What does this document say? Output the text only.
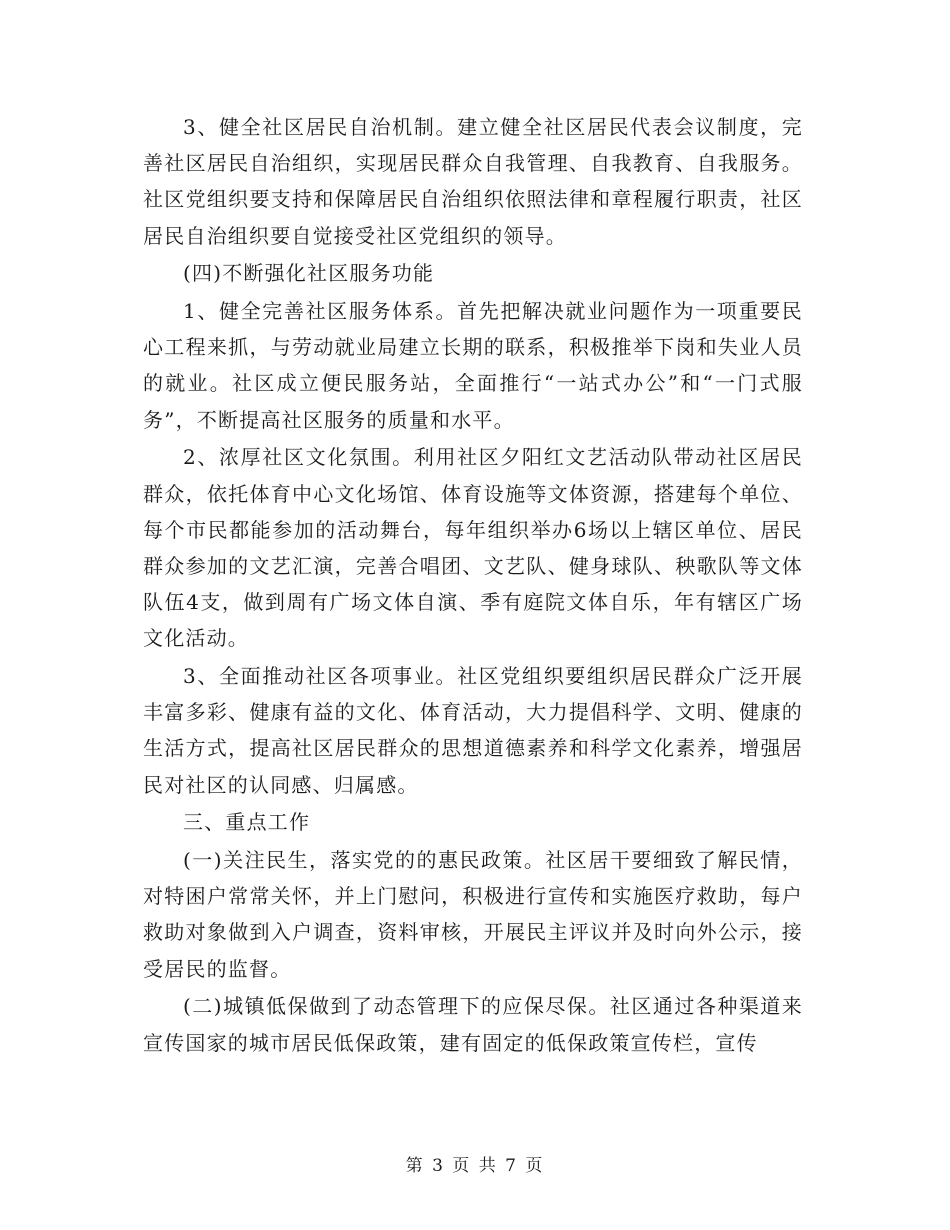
3、健全社区居民自治机制。建立健全社区居民代表会议制度，完善社区居民自治组织，实现居民群众自我管理、自我教育、自我服务。社区党组织要支持和保障居民自治组织依照法律和章程履行职责，社区居民自治组织要自觉接受社区党组织的领导。

(四)不断强化社区服务功能

1、健全完善社区服务体系。首先把解决就业问题作为一项重要民心工程来抓，与劳动就业局建立长期的联系，积极推举下岗和失业人员的就业。社区成立便民服务站，全面推行“一站式办公”和“一门式服务”，不断提高社区服务的质量和水平。

2、浓厚社区文化氛围。利用社区夕阳红文艺活动队带动社区居民群众，依托体育中心文化场馆、体育设施等文体资源，搭建每个单位、每个市民都能参加的活动舞台，每年组织举办6场以上辖区单位、居民群众参加的文艺汇演，完善合唱团、文艺队、健身球队、秧歌队等文体队伍4支，做到周有广场文体自演、季有庭院文体自乐，年有辖区广场文化活动。

3、全面推动社区各项事业。社区党组织要组织居民群众广泛开展丰富多彩、健康有益的文化、体育活动，大力提倡科学、文明、健康的生活方式，提高社区居民群众的思想道德素养和科学文化素养，增强居民对社区的认同感、归属感。

三、重点工作

(一)关注民生，落实党的的惠民政策。社区居干要细致了解民情，对特困户常常关怀，并上门慰问，积极进行宣传和实施医疗救助，每户救助对象做到入户调查，资料审核，开展民主评议并及时向外公示，接受居民的监督。

(二)城镇低保做到了动态管理下的应保尽保。社区通过各种渠道来宣传国家的城市居民低保政策，建有固定的低保政策宣传栏，宣传

第 3 页 共 7 页
